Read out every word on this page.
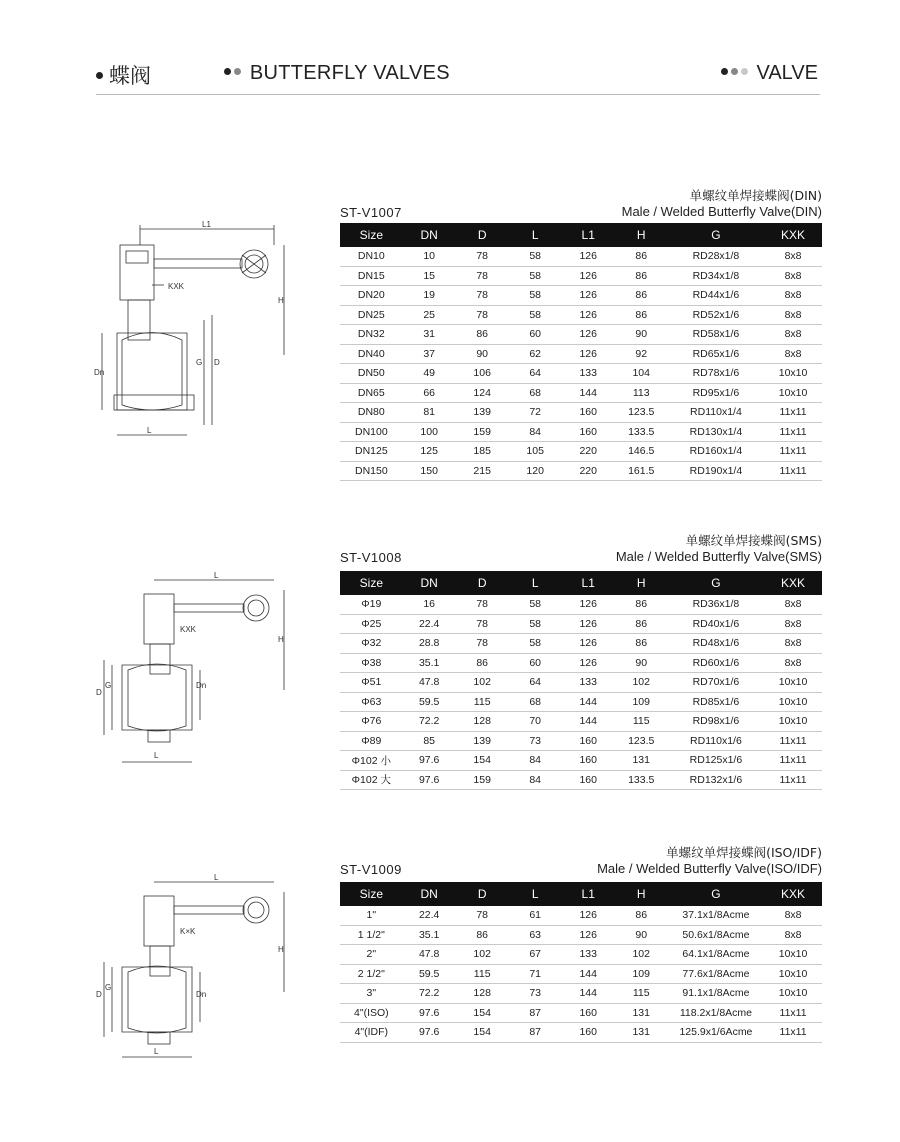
蝶阀	BUTTERFLY VALVES	VALVE
ST-V1007
单螺纹单焊接蝶阀(DIN)
Male / Welded Butterfly Valve(DIN)
Size	DN	D	L	L1	H	G	KXK
DN10	10	78	58	126	86	RD28x1/8	8x8
DN15	15	78	58	126	86	RD34x1/8	8x8
DN20	19	78	58	126	86	RD44x1/6	8x8
DN25	25	78	58	126	86	RD52x1/6	8x8
DN32	31	86	60	126	90	RD58x1/6	8x8
DN40	37	90	62	126	92	RD65x1/6	8x8
DN50	49	106	64	133	104	RD78x1/6	10x10
DN65	66	124	68	144	113	RD95x1/6	10x10
DN80	81	139	72	160	123.5	RD110x1/4	11x11
DN100	100	159	84	160	133.5	RD130x1/4	11x11
DN125	125	185	105	220	146.5	RD160x1/4	11x11
DN150	150	215	120	220	161.5	RD190x1/4	11x11
ST-V1008
单螺纹单焊接蝶阀(SMS)
Male / Welded Butterfly Valve(SMS)
Size	DN	D	L	L1	H	G	KXK
Φ19	16	78	58	126	86	RD36x1/8	8x8
Φ25	22.4	78	58	126	86	RD40x1/6	8x8
Φ32	28.8	78	58	126	86	RD48x1/6	8x8
Φ38	35.1	86	60	126	90	RD60x1/6	8x8
Φ51	47.8	102	64	133	102	RD70x1/6	10x10
Φ63	59.5	115	68	144	109	RD85x1/6	10x10
Φ76	72.2	128	70	144	115	RD98x1/6	10x10
Φ89	85	139	73	160	123.5	RD110x1/6	11x11
Φ102 小	97.6	154	84	160	131	RD125x1/6	11x11
Φ102 大	97.6	159	84	160	133.5	RD132x1/6	11x11
ST-V1009
单螺纹单焊接蝶阀(ISO/IDF)
Male / Welded Butterfly Valve(ISO/IDF)
Size	DN	D	L	L1	H	G	KXK
1"	22.4	78	61	126	86	37.1x1/8Acme	8x8
1 1/2"	35.1	86	63	126	90	50.6x1/8Acme	8x8
2"	47.8	102	67	133	102	64.1x1/8Acme	10x10
2 1/2"	59.5	115	71	144	109	77.6x1/8Acme	10x10
3"	72.2	128	73	144	115	91.1x1/8Acme	10x10
4"(ISO)	97.6	154	87	160	131	118.2x1/8Acme	11x11
4"(IDF)	97.6	154	87	160	131	125.9x1/6Acme	11x11
L1
KXK
H
Dn
G D
L
L
KXK
H
D
G	Dn
L
L
K×K
H
D
G
Dn
L
